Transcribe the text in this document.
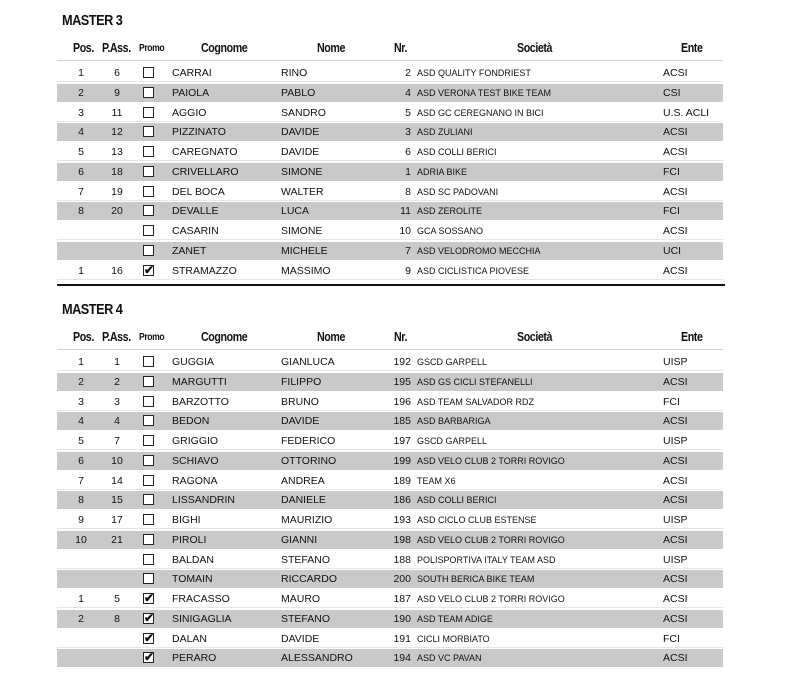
MASTER 3
Pos. P.Ass. Promo	Cognome	Nome	Nr.	Società	Ente
1	6	CARRAI	RINO	2 ASD QUALITY FONDRIEST	ACSI
2	9	PAIOLA	PABLO	4 ASD VERONA TEST BIKE TEAM	CSI
3	11	AGGIO	SANDRO	5 ASD GC CEREGNANO IN BICI	U.S. ACLI
4	12	PIZZINATO	DAVIDE	3 ASD ZULIANI	ACSI
5	13	CAREGNATO	DAVIDE	6 ASD COLLI BERICI	ACSI
6	18	CRIVELLARO	SIMONE	1 ADRIA BIKE	FCI
7	19	DEL BOCA	WALTER	8 ASD SC PADOVANI	ACSI
8	20	DEVALLE	LUCA	11 ASD ZEROLITE	FCI
CASARIN	SIMONE	10 GCA SOSSANO	ACSI
ZANET	MICHELE	7 ASD VELODROMO MECCHIA	UCI
1	16	✔ STRAMAZZO	MASSIMO	9 ASD CICLISTICA PIOVESE	ACSI
MASTER 4
Pos. P.Ass. Promo	Cognome	Nome	Nr.	Società	Ente
1	1	GUGGIA	GIANLUCA	192 GSCD GARPELL	UISP
2	2	MARGUTTI	FILIPPO	195 ASD GS CICLI STEFANELLI	ACSI
3	3	BARZOTTO	BRUNO	196 ASD TEAM SALVADOR RDZ	FCI
4	4	BEDON	DAVIDE	185 ASD BARBARIGA	ACSI
5	7	GRIGGIO	FEDERICO	197 GSCD GARPELL	UISP
6	10	SCHIAVO	OTTORINO	199 ASD VELO CLUB 2 TORRI ROVIGO	ACSI
7	14	RAGONA	ANDREA	189 TEAM X6	ACSI
8	15	LISSANDRIN	DANIELE	186 ASD COLLI BERICI	ACSI
9	17	BIGHI	MAURIZIO	193 ASD CICLO CLUB ESTENSE	UISP
10	21	PIROLI	GIANNI	198 ASD VELO CLUB 2 TORRI ROVIGO	ACSI
BALDAN	STEFANO	188 POLISPORTIVA ITALY TEAM ASD	UISP
TOMAIN	RICCARDO	200 SOUTH BERICA BIKE TEAM	ACSI
1	5	✔ FRACASSO	MAURO	187 ASD VELO CLUB 2 TORRI ROVIGO	ACSI
2	8	✔ SINIGAGLIA	STEFANO	190 ASD TEAM ADIGE	ACSI
✔ DALAN	DAVIDE	191 CICLI MORBIATO	FCI
✔ PERARO	ALESSANDRO	194 ASD VC PAVAN	ACSI
